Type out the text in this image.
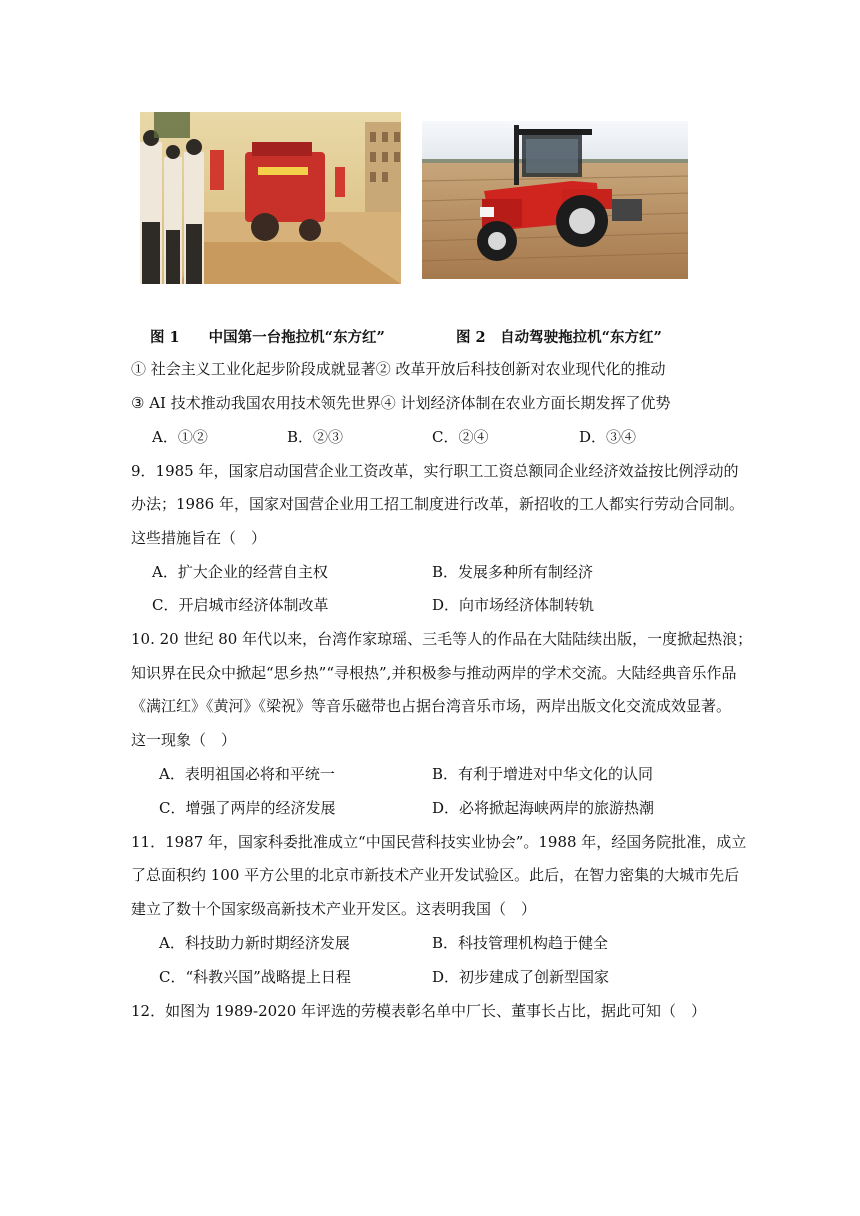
图 1　　中国第一台拖拉机“东方红”	图 2　自动驾驶拖拉机“东方红”
① 社会主义工业化起步阶段成就显著② 改革开放后科技创新对农业现代化的推动
③ AI 技术推动我国农用技术领先世界④ 计划经济体制在农业方面长期发挥了优势
A．①②	B．②③	C．②④	D．③④
9．1985 年，国家启动国营企业工资改革，实行职工工资总额同企业经济效益按比例浮动的
办法；1986 年，国家对国营企业用工招工制度进行改革，新招收的工人都实行劳动合同制。
这些措施旨在（　）
A．扩大企业的经营自主权	B．发展多种所有制经济
C．开启城市经济体制改革	D．向市场经济体制转轨
10. 20 世纪 80 年代以来，台湾作家琼瑶、三毛等人的作品在大陆陆续出版，一度掀起热浪；
知识界在民众中掀起“思乡热”“寻根热”,并积极参与推动两岸的学术交流。大陆经典音乐作品
《满江红》《黄河》《梁祝》等音乐磁带也占据台湾音乐市场，两岸出版文化交流成效显著。
这一现象（　）
A．表明祖国必将和平统一	B．有利于增进对中华文化的认同
C．增强了两岸的经济发展	D．必将掀起海峡两岸的旅游热潮
11．1987 年，国家科委批准成立“中国民营科技实业协会”。1988 年，经国务院批准，成立
了总面积约 100 平方公里的北京市新技术产业开发试验区。此后，在智力密集的大城市先后
建立了数十个国家级高新技术产业开发区。这表明我国（　）
A．科技助力新时期经济发展	B．科技管理机构趋于健全
C．“科教兴国”战略提上日程	D．初步建成了创新型国家
12．如图为 1989-2020 年评选的劳模表彰名单中厂长、董事长占比，据此可知（　）
